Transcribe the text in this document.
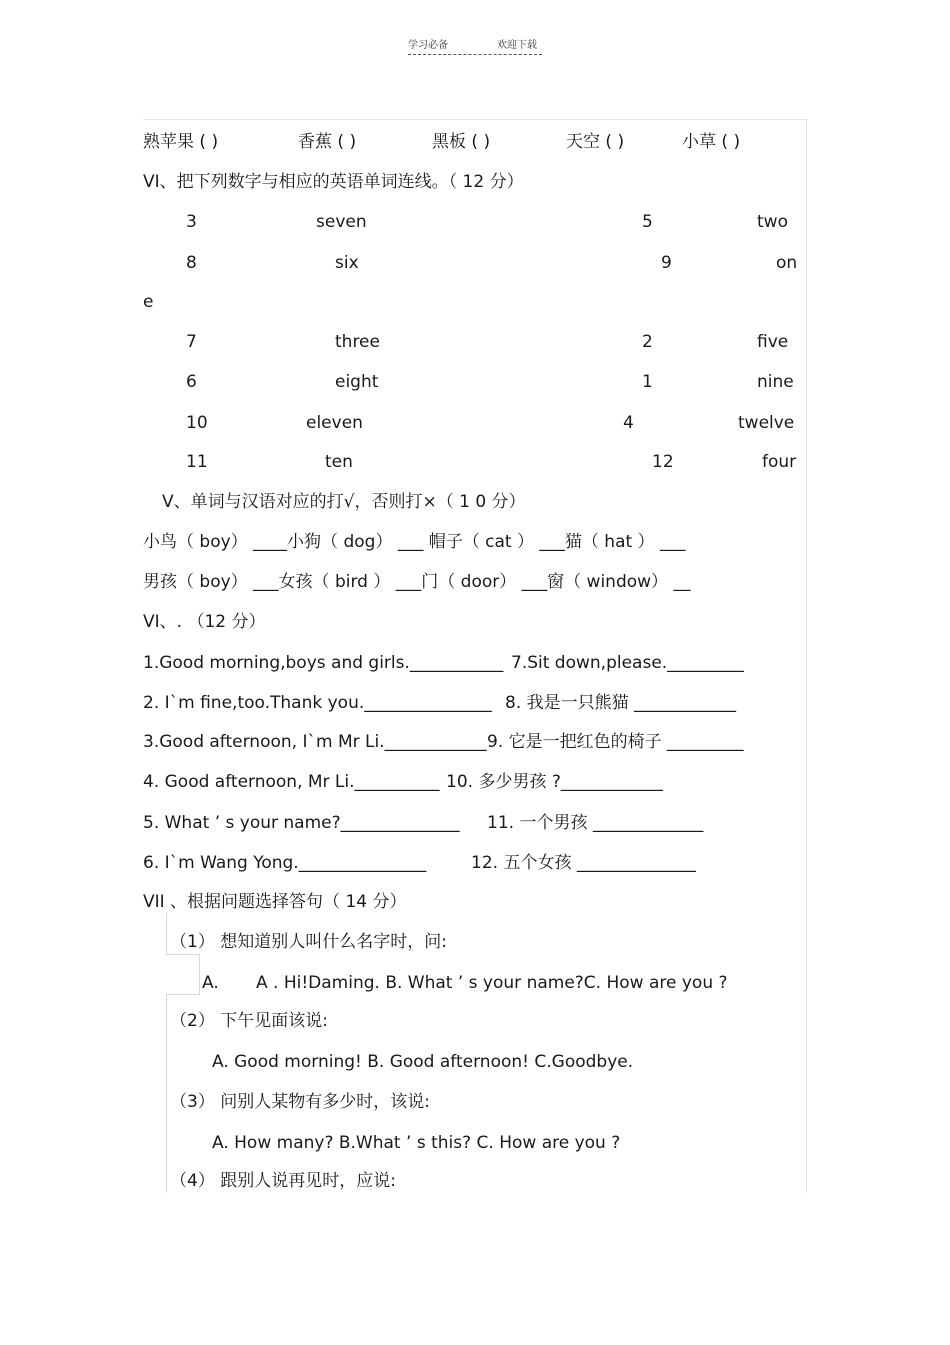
学习必备	欢迎下载
熟苹果 ( )	香蕉 ( )	黑板 ( )	天空 ( )	小草 ( )
VI、把下列数字与相应的英语单词连线。（ 12 分）
3	seven	5	two
8	six	9	on
e
7	three	2	five
6	eight	1	nine
10	eleven	4	twelve
11	ten	12	four
V、单词与汉语对应的打√，否则打×（ 1 0 分）
小鸟（ boy） ____小狗（ dog） ___ 帽子（ cat ） ___猫（ hat ） ___
男孩（ boy） ___女孩（ bird ） ___门（ door） ___窗（ window） __
VI、. （12 分）
1.Good morning,boys and girls.___________ 7.Sit down,please._________
2. I`m fine,too.Thank you._______________ 8. 我是一只熊猫 ____________
3.Good afternoon, I`m Mr Li.____________ 9. 它是一把红色的椅子 _________
4. Good afternoon, Mr Li.__________ 10. 多少男孩 ?____________
5. What ’ s your name?______________ 11. 一个男孩 _____________
6. I`m Wang Yong._______________	12. 五个女孩 ______________
VII 、根据问题选择答句（ 14 分）
（1） 想知道别人叫什么名字时，问:
A. A . Hi!Daming. B. What ’ s your name?C. How are you ?
（2） 下午见面该说:
A. Good morning! B. Good afternoon! C.Goodbye.
（3） 问别人某物有多少时，该说:
A. How many? B.What ’ s this? C. How are you ?
（4） 跟别人说再见时，应说:
